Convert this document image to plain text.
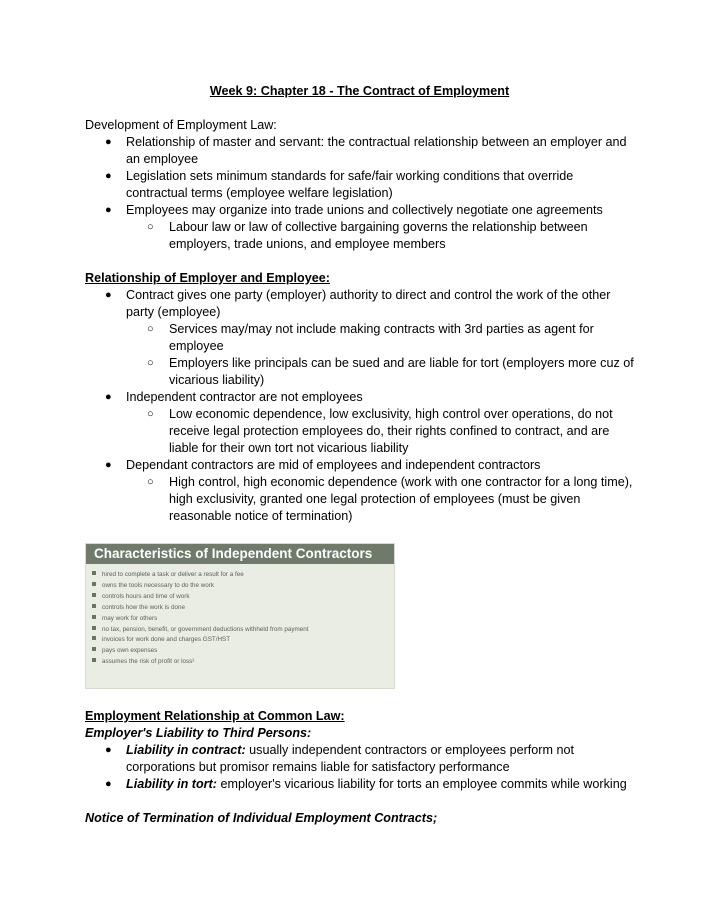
Week 9: Chapter 18 - The Contract of Employment

Development of Employment Law:

● Relationship of master and servant: the contractual relationship between an employer and an employee
● Legislation sets minimum standards for safe/fair working conditions that override contractual terms (employee welfare legislation)
● Employees may organize into trade unions and collectively negotiate one agreements
○ Labour law or law of collective bargaining governs the relationship between employers, trade unions, and employee members

Relationship of Employer and Employee:

● Contract gives one party (employer) authority to direct and control the work of the other party (employee)
○ Services may/may not include making contracts with 3rd parties as agent for employee
○ Employers like principals can be sued and are liable for tort (employers more cuz of vicarious liability)
● Independent contractor are not employees
○ Low economic dependence, low exclusivity, high control over operations, do not receive legal protection employees do, their rights confined to contract, and are liable for their own tort not vicarious liability
● Dependant contractors are mid of employees and independent contractors
○ High control, high economic dependence (work with one contractor for a long time), high exclusivity, granted one legal protection of employees (must be given reasonable notice of termination)
Characteristics of Independent Contractors
hired to complete a task or deliver a result for a fee
owns the tools necessary to do the work
controls hours and time of work
controls how the work is done
may work for others
no tax, pension, benefit, or government deductions withheld from payment
invoices for work done and charges GST/HST
pays own expenses
assumes the risk of profit or loss²

Employment Relationship at Common Law:

Employer's Liability to Third Persons:

● Liability in contract: usually independent contractors or employees perform not corporations but promisor remains liable for satisfactory performance
● Liability in tort: employer's vicarious liability for torts an employee commits while working

Notice of Termination of Individual Employment Contracts;
